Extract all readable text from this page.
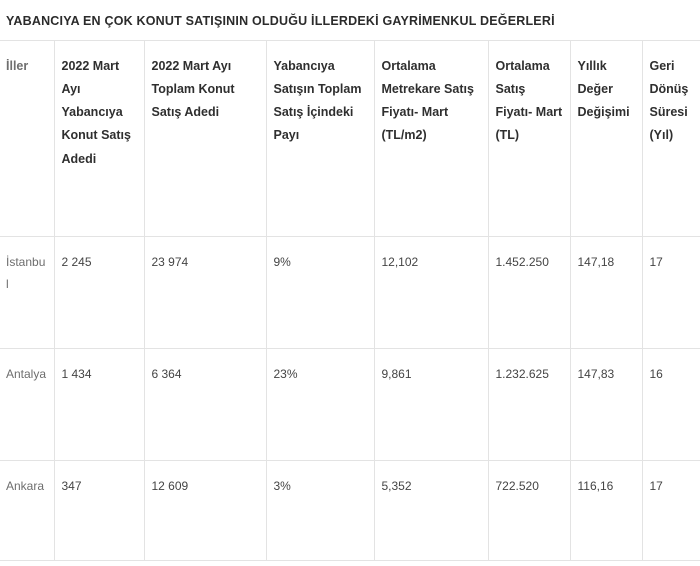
YABANCIYA EN ÇOK KONUT SATIŞININ OLDUĞU İLLERDEKİ GAYRİMENKUL DEĞERLERİ
İller	2022 Mart Ayı Yabancıya Konut Satış Adedi	2022 Mart Ayı Toplam Konut Satış Adedi	Yabancıya Satışın Toplam Satış İçindeki Payı	Ortalama Metrekare Satış Fiyatı- Mart (TL/m2)	Ortalama Satış Fiyatı- Mart (TL)	Yıllık Değer Değişimi	Geri Dönüş Süresi (Yıl)
İstanbul	2 245	23 974	9%	12,102	1.452.250	147,18	17
Antalya	1 434	6 364	23%	9,861	1.232.625	147,83	16
Ankara	347	12 609	3%	5,352	722.520	116,16	17
